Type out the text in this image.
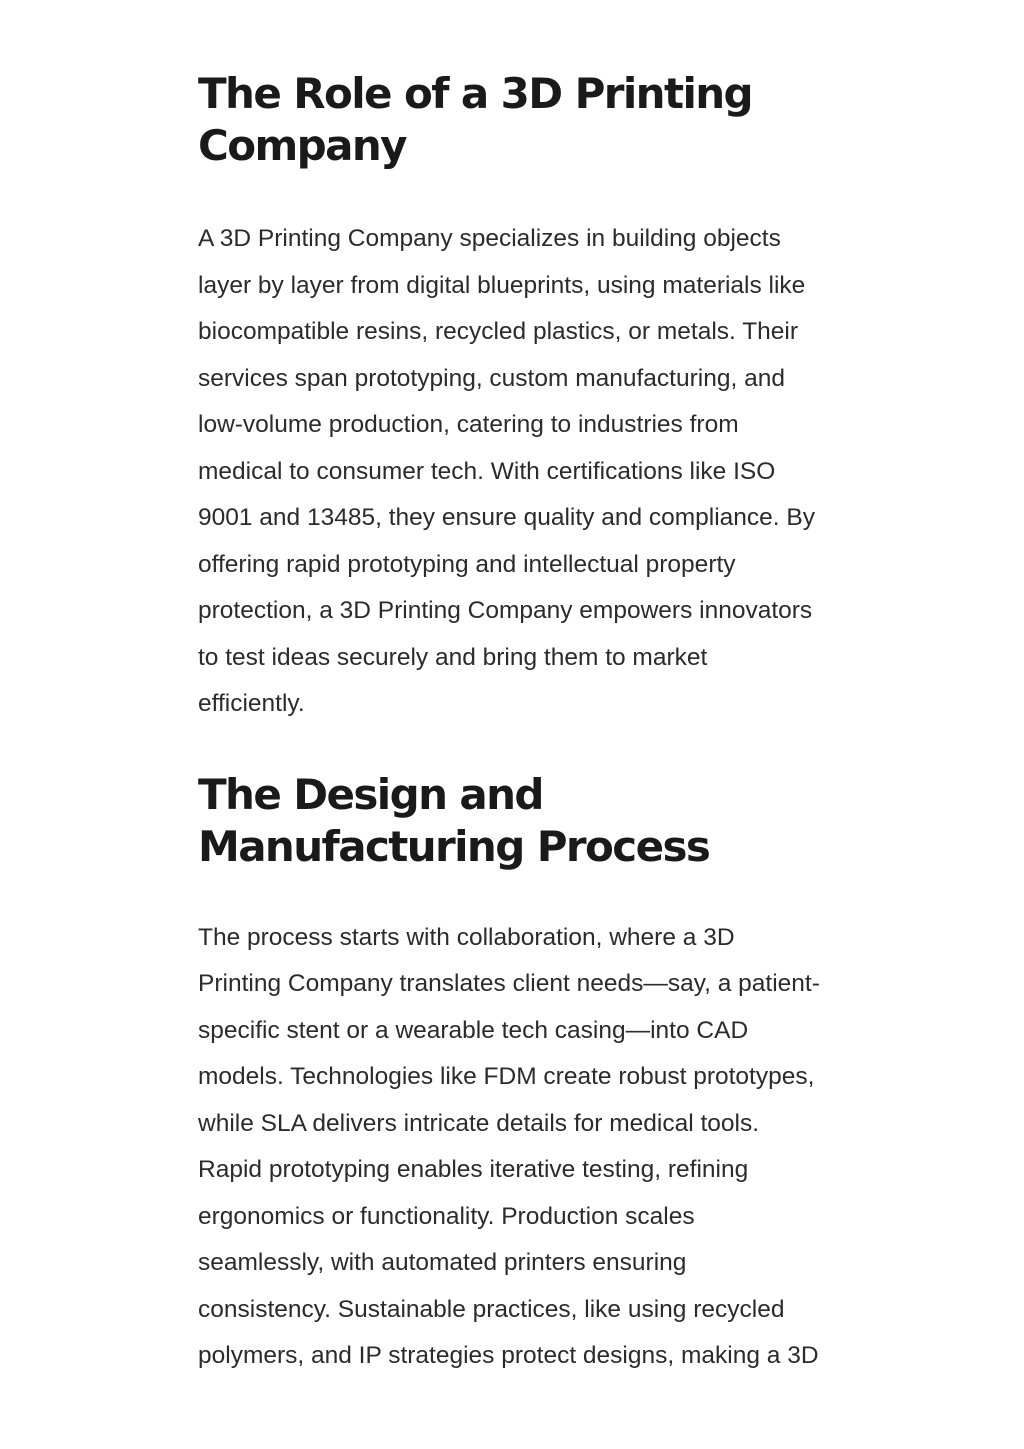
The Role of a 3D Printing
Company

A 3D Printing Company specializes in building objects
layer by layer from digital blueprints, using materials like
biocompatible resins, recycled plastics, or metals. Their
services span prototyping, custom manufacturing, and
low-volume production, catering to industries from
medical to consumer tech. With certifications like ISO
9001 and 13485, they ensure quality and compliance. By
offering rapid prototyping and intellectual property
protection, a 3D Printing Company empowers innovators
to test ideas securely and bring them to market
efficiently.

The Design and
Manufacturing Process

The process starts with collaboration, where a 3D
Printing Company translates client needs—say, a patient-
specific stent or a wearable tech casing—into CAD
models. Technologies like FDM create robust prototypes,
while SLA delivers intricate details for medical tools.
Rapid prototyping enables iterative testing, refining
ergonomics or functionality. Production scales
seamlessly, with automated printers ensuring
consistency. Sustainable practices, like using recycled
polymers, and IP strategies protect designs, making a 3D
